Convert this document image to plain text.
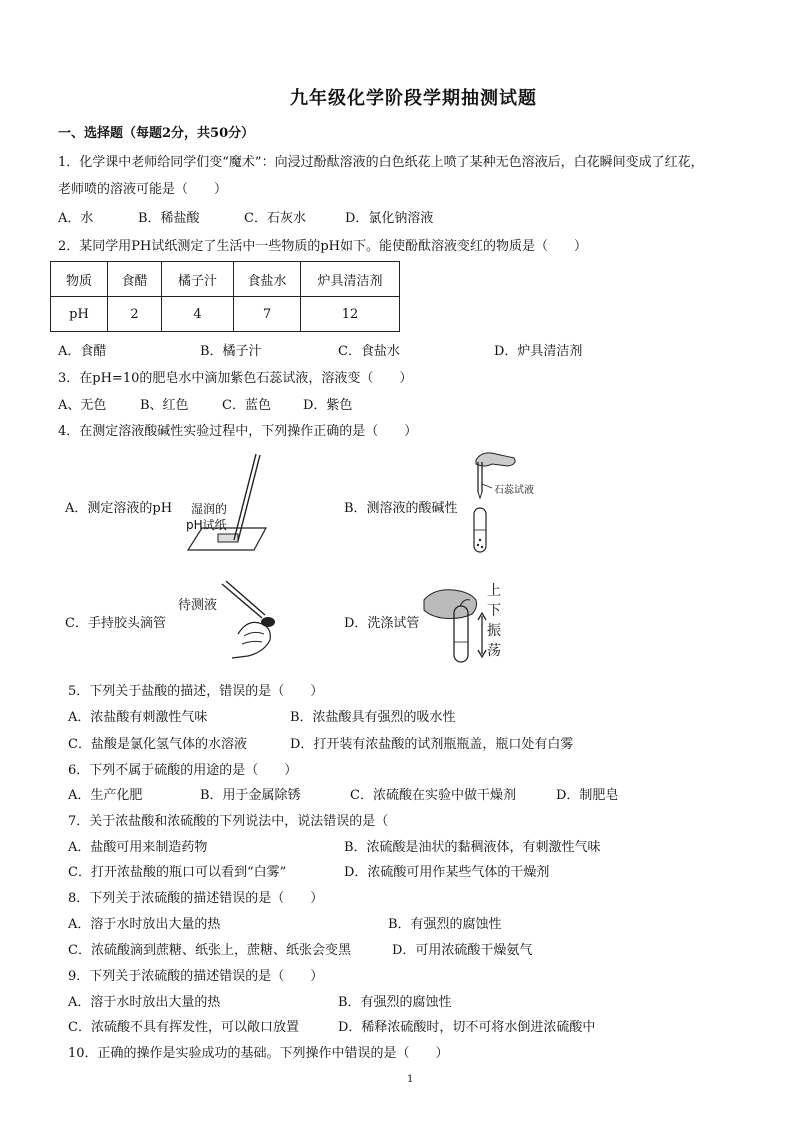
九年级化学阶段学期抽测试题
一、选择题（每题2分，共50分）
1．化学课中老师给同学们变“魔术”：向浸过酚酞溶液的白色纸花上喷了某种无色溶液后，白花瞬间变成了红花，
老师喷的溶液可能是（　　）
A．水	B．稀盐酸	C．石灰水	D．氯化钠溶液
2．某同学用PH试纸测定了生活中一些物质的pH如下。能使酚酞溶液变红的物质是（　　）
物质	食醋	橘子汁	食盐水	炉具清洁剂
pH	2	4	7	12
A．食醋	B．橘子汁	C．食盐水	D．炉具清洁剂
3．在pH=10的肥皂水中滴加紫色石蕊试液，溶液变（　　）
A、无色	B、红色	C．蓝色 D．紫色
4．在测定溶液酸碱性实验过程中，下列操作正确的是（　　）
A．测定溶液的pH 湿润的
pH试纸
B．测溶液的酸碱性
石蕊试液
C．手持胶头滴管
待测液
D．洗涤试管
上
下
振
荡
5．下列关于盐酸的描述，错误的是（　　）
A．浓盐酸有刺激性气味	B．浓盐酸具有强烈的吸水性
C．盐酸是氯化氢气体的水溶液	D．打开装有浓盐酸的试剂瓶瓶盖，瓶口处有白雾
6．下列不属于硫酸的用途的是（　　）
A．生产化肥	B．用于金属除锈	C．浓硫酸在实验中做干燥剂	D．制肥皂
7．关于浓盐酸和浓硫酸的下列说法中，说法错误的是（
A．盐酸可用来制造药物	B．浓硫酸是油状的黏稠液体，有刺激性气味
C．打开浓盐酸的瓶口可以看到“白雾”	D．浓硫酸可用作某些气体的干燥剂
8．下列关于浓硫酸的描述错误的是（　　）
A．溶于水时放出大量的热	B．有强烈的腐蚀性
C．浓硫酸滴到蔗糖、纸张上，蔗糖、纸张会变黑	D．可用浓硫酸干燥氨气
9．下列关于浓硫酸的描述错误的是（　　）
A．溶于水时放出大量的热	B．有强烈的腐蚀性
C．浓硫酸不具有挥发性，可以敞口放置	D．稀释浓硫酸时，切不可将水倒进浓硫酸中
10．正确的操作是实验成功的基础。下列操作中错误的是（　　）
1
